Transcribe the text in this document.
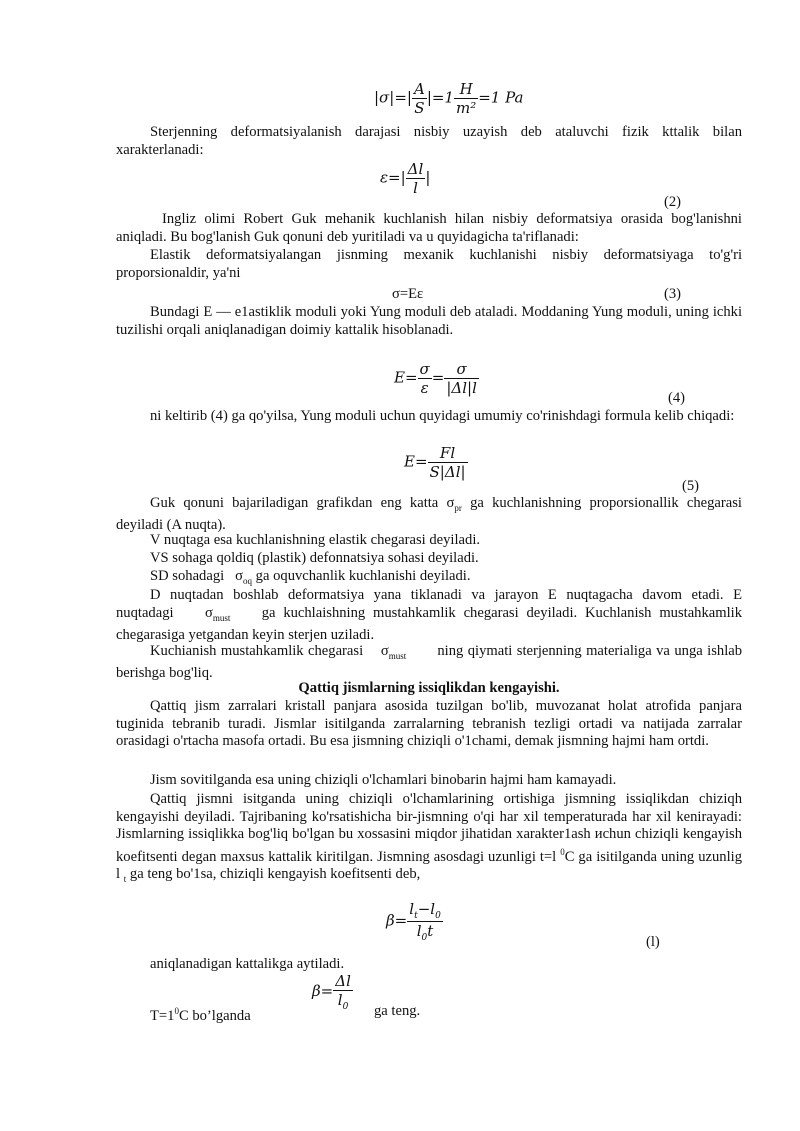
$|\sigma|=| \frac{A}{S} |=1 \frac{H}{\text{m²}} =1$ Pa
Sterjenning deformatsiyalanish darajasi nisbiy uzayish deb ataluvchi fizik kttalik bilan xarakterlanadi:
$\varepsilon=| \frac{\Delta l}{l}$ |
(2)
Ingliz olimi Robert Guk mehanik kuchlanish hilan nisbiy deformatsiya orasida bog'lanishni aniqladi. Bu bog'lanish Guk qonuni deb yuritiladi va u quyidagicha ta'riflanadi:
Elastik deformatsiyalangan jisnming mexanik kuchlanishi nisbiy deformatsiyaga to'g'ri proporsionaldir, ya'ni
σ=Eε	(3)
Bundagi E — e1astiklik moduli yoki Yung moduli deb ataladi. Moddaning Yung moduli, uning ichki tuzilishi orqali aniqlanadigan doimiy kattalik hisoblanadi.
$E= \frac{\sigma}{\varepsilon} = \frac{\sigma}{|\Delta l|l}$
(4)
ni keltirib (4) ga qo'yilsa, Yung moduli uchun quyidagi umumiy co'rinishdagi formula kelib chiqadi:
$E= \frac{Fl}{S|\Delta l|}$
(5)
Guk qonuni bajariladigan grafikdan eng katta $\sigma_{pr}$ ga kuchlanishning proporsionallik chegarasi deyiladi (A nuqta).
V nuqtaga esa kuchlanishning elastik chegarasi deyiladi.
VS sohaga qoldiq (plastik) defonnatsiya sohasi deyiladi.
SD sohadagi $\sigma_{oq}$ ga oquvchanlik kuchlanishi deyiladi.
D nuqtadan boshlab deformatsiya yana tiklanadi va jarayon E nuqtagacha davom etadi. E nuqtadagi $\sigma_{must}$ ga kuchlaishning mustahkamlik chegarasi deyiladi. Kuchlanish mustahkamlik chegarasiga yetgandan keyin sterjen uziladi.
Kuchianish mustahkamlik chegarasi $\sigma_{must}$ ning qiymati sterjenning materialiga va unga ishlab berishga bog'liq.
Qattiq jismlarning issiqlikdan kengayishi.
Qattiq jism zarralari kristall panjara asosida tuzilgan bo'lib, muvozanat holat atrofida panjara tuginida tebranib turadi. Jismlar isitilganda zarralarning tebranish tezligi ortadi va natijada zarralar orasidagi o'rtacha masofa ortadi. Bu esa jismning chiziqli o'1chami, demak jismning hajmi ham ortdi.
Jism sovitilganda esa uning chiziqli o'lchamlari binobarin hajmi ham kamayadi.
Qattiq jismni isitganda uning chiziqli o'lchamlarining ortishiga jismning issiqlikdan chiziqh kengayishi deyiladi. Tajribaning ko'rsatishicha bir-jismning o'qi har xil temperaturada har xil kenirayadi: Jismlarning issiqlikka bog'liq bo'lgan bu xossasini miqdor jihatidan xarakter1ash иchun chiziqli kengayish koefitsenti degan maxsus kattalik kiritilgan. Jismning asosdagi uzunligi t=l $^0$C ga isitilganda uning uzunlig l $_t$ ga teng bo'1sa, chiziqli kengayish koefitsenti deb,
$\beta= \frac{l_t-l_0}{l_0t}$	(l)
aniqlanadigan kattalikga aytiladi.
$T=1^0C$ bo’lganda
$\beta= \frac{\Delta l}{l_0}$ ga teng.
